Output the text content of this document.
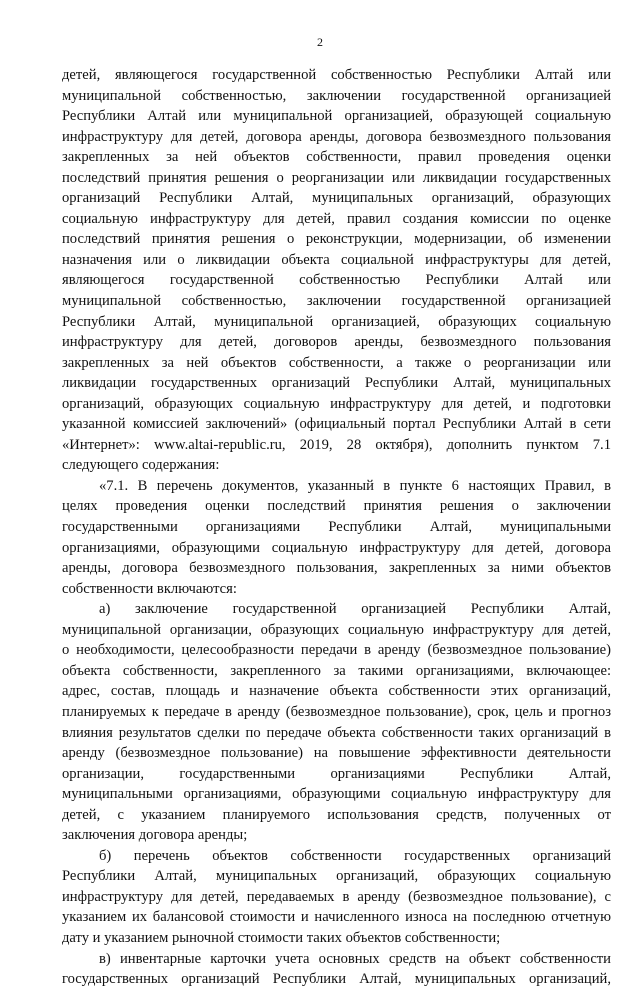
2
детей, являющегося государственной собственностью Республики Алтай или
муниципальной собственностью, заключении государственной организацией
Республики Алтай или муниципальной организацией, образующей социальную
инфраструктуру для детей, договора аренды, договора безвозмездного пользования
закрепленных за ней объектов собственности, правил проведения оценки
последствий принятия решения о реорганизации или ликвидации государственных
организаций Республики Алтай, муниципальных организаций, образующих
социальную инфраструктуру для детей, правил создания комиссии по оценке
последствий принятия решения о реконструкции, модернизации, об изменении
назначения или о ликвидации объекта социальной инфраструктуры для детей,
являющегося государственной собственностью Республики Алтай или
муниципальной собственностью, заключении государственной организацией
Республики Алтай, муниципальной организацией, образующих социальную
инфраструктуру для детей, договоров аренды, безвозмездного пользования
закрепленных за ней объектов собственности, а также о реорганизации или
ликвидации государственных организаций Республики Алтай, муниципальных
организаций, образующих социальную инфраструктуру для детей, и подготовки
указанной комиссией заключений» (официальный портал Республики Алтай в сети
«Интернет»: www.altai-republic.ru, 2019, 28 октября), дополнить пунктом 7.1
следующего содержания:
«7.1. В перечень документов, указанный в пункте 6 настоящих Правил, в
целях проведения оценки последствий принятия решения о заключении
государственными организациями Республики Алтай, муниципальными
организациями, образующими социальную инфраструктуру для детей, договора
аренды, договора безвозмездного пользования, закрепленных за ними объектов
собственности включаются:
а) заключение государственной организацией Республики Алтай,
муниципальной организации, образующих социальную инфраструктуру для детей,
о необходимости, целесообразности передачи в аренду (безвозмездное пользование)
объекта собственности, закрепленного за такими организациями, включающее:
адрес, состав, площадь и назначение объекта собственности этих организаций,
планируемых к передаче в аренду (безвозмездное пользование), срок, цель и прогноз
влияния результатов сделки по передаче объекта собственности таких организаций в
аренду (безвозмездное пользование) на повышение эффективности деятельности
организации, государственными организациями Республики Алтай,
муниципальными организациями, образующими социальную инфраструктуру для
детей, с указанием планируемого использования средств, полученных от
заключения договора аренды;
б) перечень объектов собственности государственных организаций
Республики Алтай, муниципальных организаций, образующих социальную
инфраструктуру для детей, передаваемых в аренду (безвозмездное пользование), с
указанием их балансовой стоимости и начисленного износа на последнюю отчетную
дату и указанием рыночной стоимости таких объектов собственности;
в) инвентарные карточки учета основных средств на объект собственности
государственных организаций Республики Алтай, муниципальных организаций,
